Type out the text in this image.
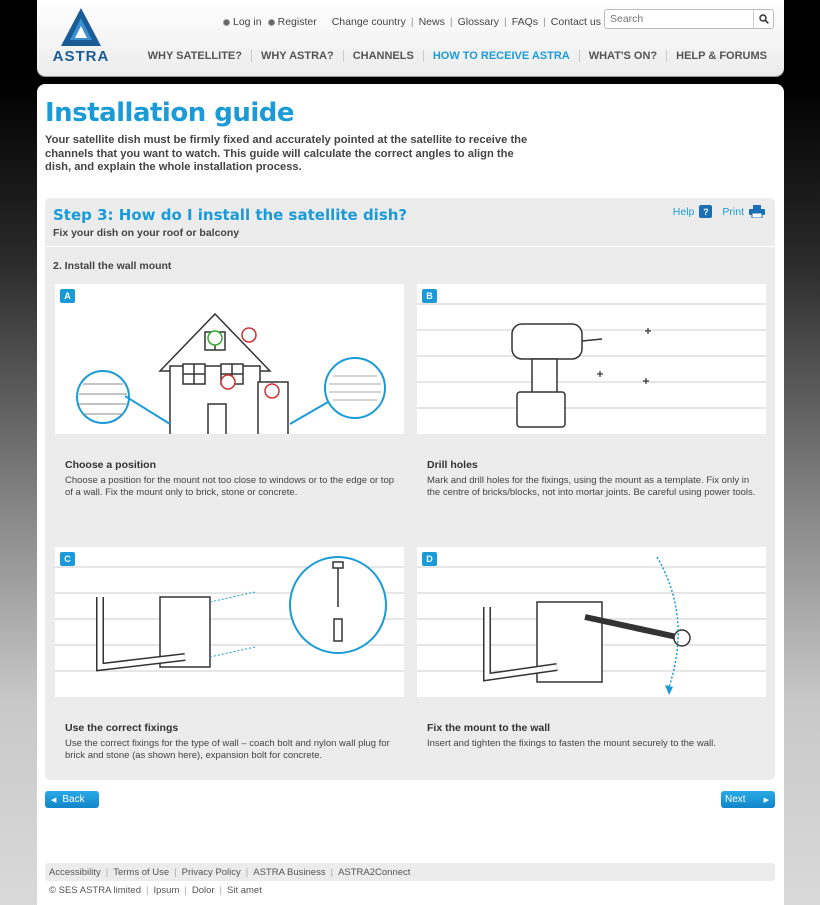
ASTRA
Log in Register Change country | News | Glossary | FAQs | Contact us
Search
WHY SATELLITE?	WHY ASTRA?	CHANNELS	HOW TO RECEIVE ASTRA	WHAT'S ON?	HELP & FORUMS
Installation guide
Your satellite dish must be firmly fixed and accurately pointed at the satellite to receive the channels that you want to watch. This guide will calculate the correct angles to align the dish, and explain the whole installation process.
Step 3: How do I install the satellite dish?
Fix your dish on your roof or balcony
Help ?	Print
2. Install the wall mount
A
Choose a position
Choose a position for the mount not too close to windows or to the edge or top of a wall. Fix the mount only to brick, stone or concrete.
B
Drill holes
Mark and drill holes for the fixings, using the mount as a template. Fix only in the centre of bricks/blocks, not into mortar joints. Be careful using power tools.
C
Use the correct fixings
Use the correct fixings for the type of wall – coach bolt and nylon wall plug for brick and stone (as shown here), expansion bolt for concrete.
D
Fix the mount to the wall
Insert and tighten the fixings to fasten the mount securely to the wall.
◀ Back	Next	▶
Accessibility | Terms of Use | Privacy Policy | ASTRA Business | ASTRA2Connect
© SES ASTRA limited | Ipsum | Dolor | Sit amet
